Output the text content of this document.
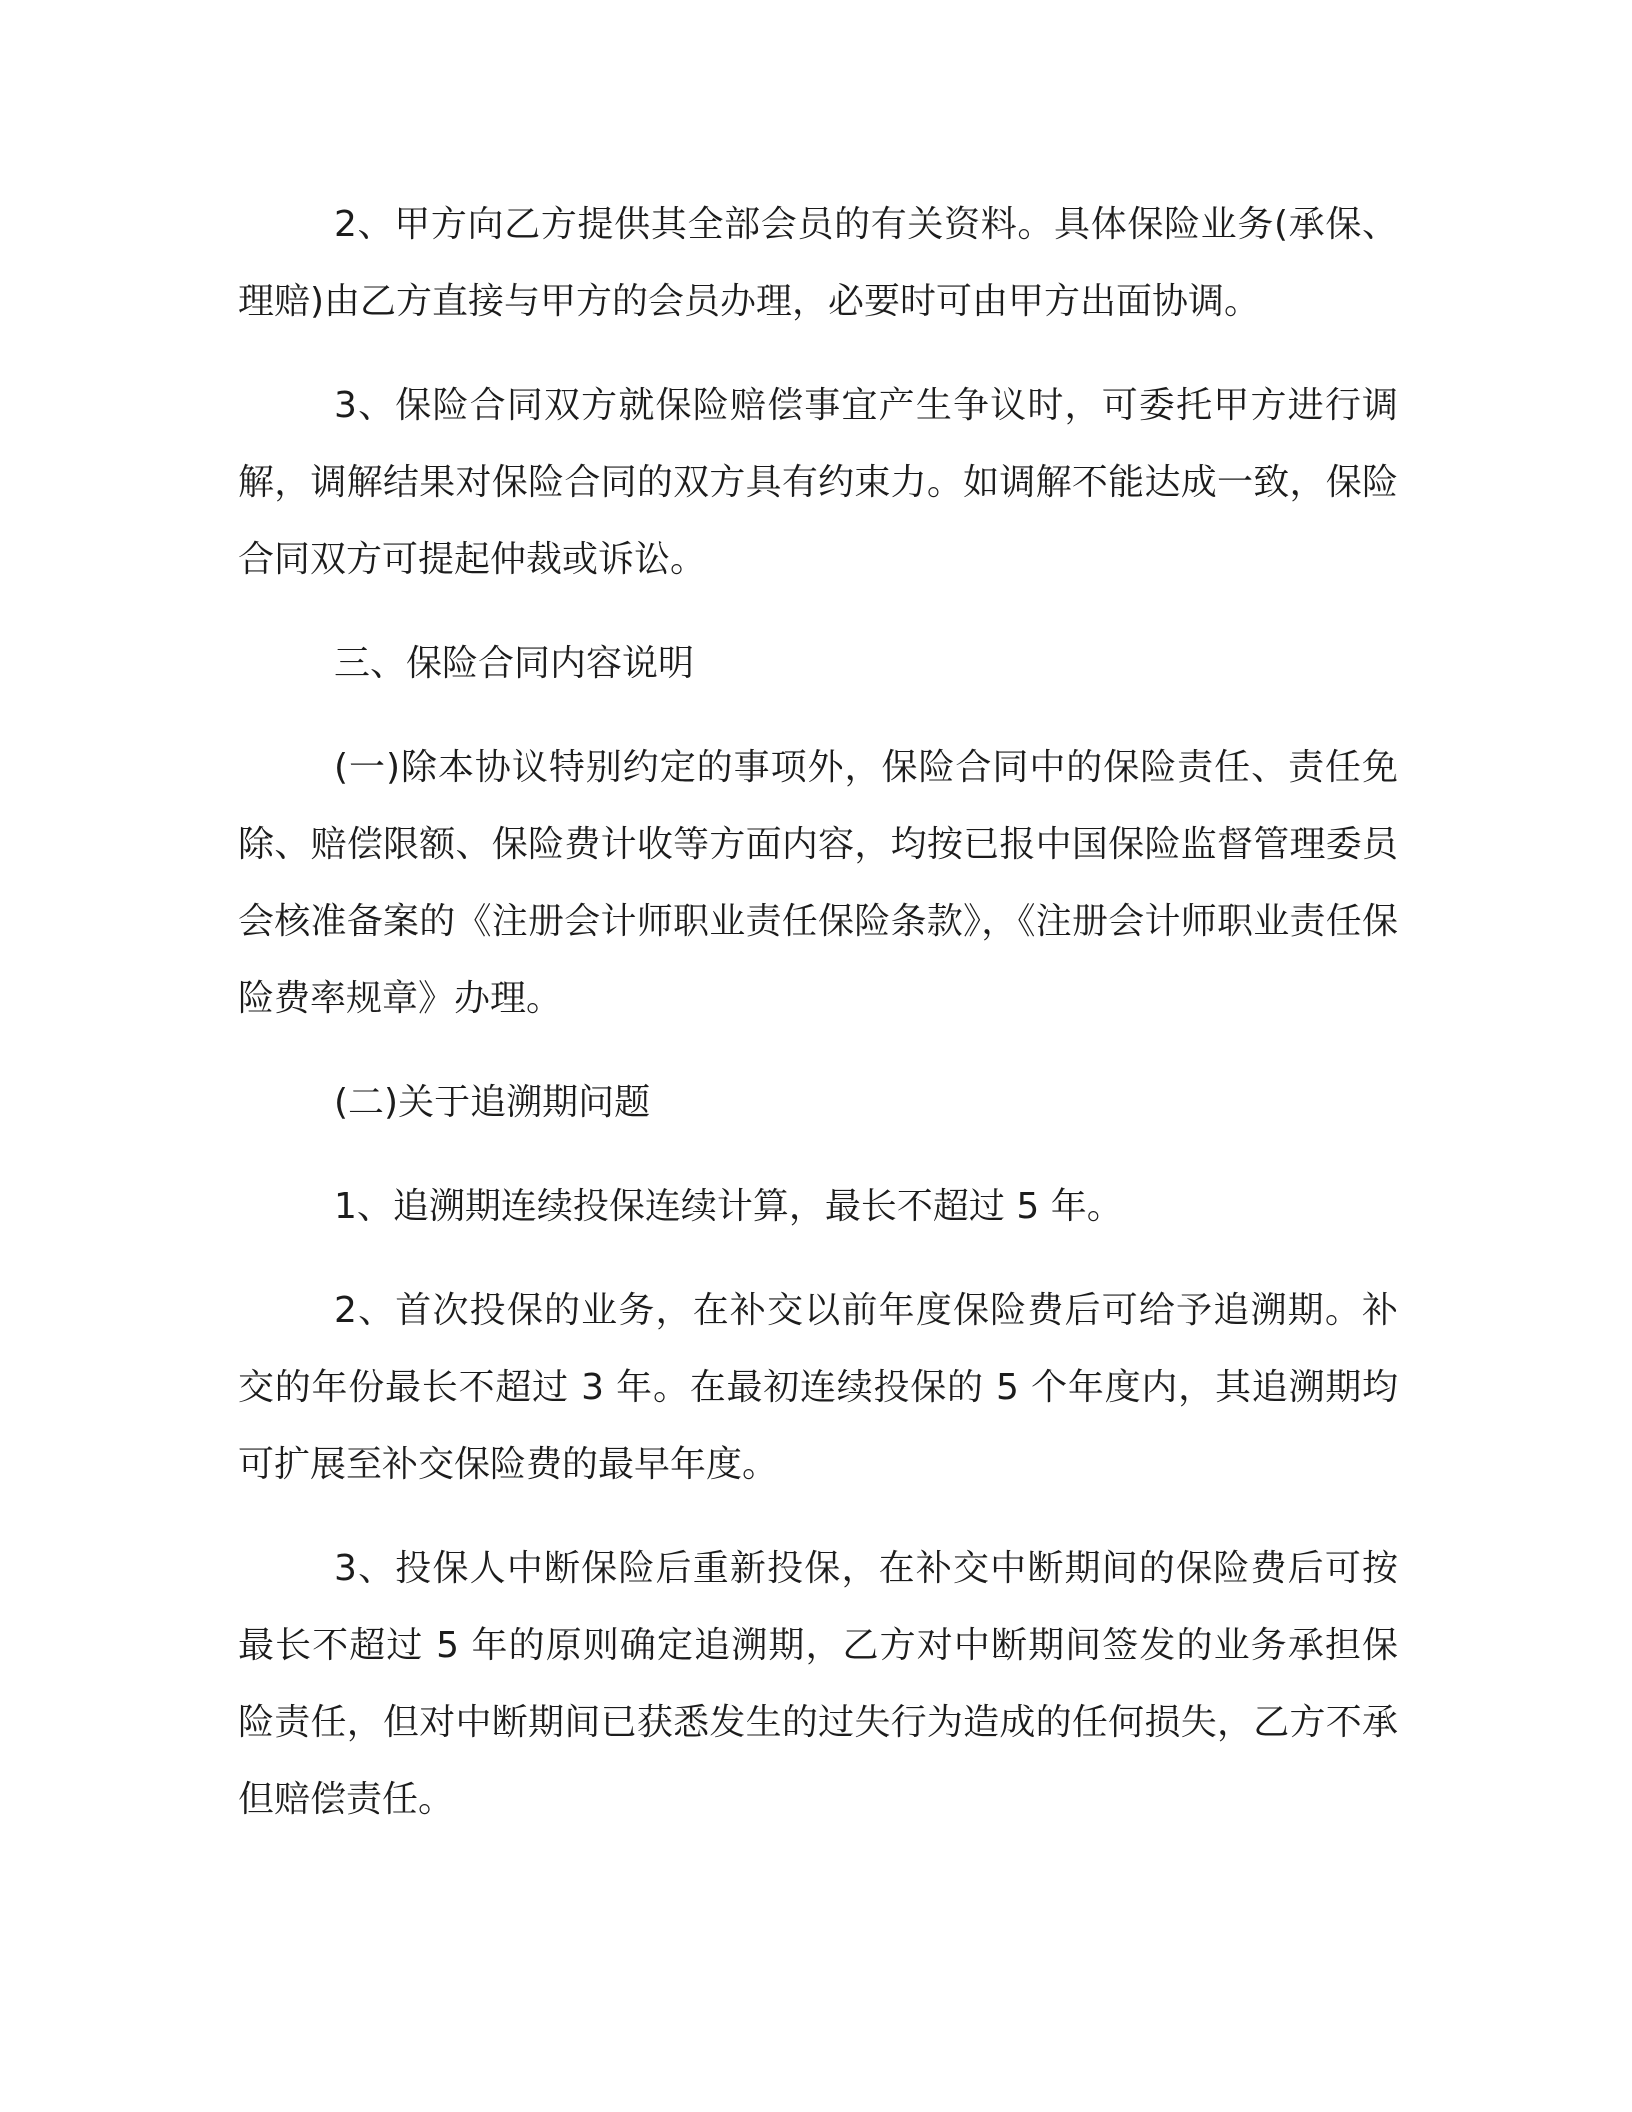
2、甲方向乙方提供其全部会员的有关资料。具体保险业务(承保、理赔)由乙方直接与甲方的会员办理，必要时可由甲方出面协调。

3、保险合同双方就保险赔偿事宜产生争议时，可委托甲方进行调解，调解结果对保险合同的双方具有约束力。如调解不能达成一致，保险合同双方可提起仲裁或诉讼。

三、保险合同内容说明

(一)除本协议特别约定的事项外，保险合同中的保险责任、责任免除、赔偿限额、保险费计收等方面内容，均按已报中国保险监督管理委员会核准备案的《注册会计师职业责任保险条款》，《注册会计师职业责任保险费率规章》办理。

(二)关于追溯期问题

1、追溯期连续投保连续计算，最长不超过 5 年。

2、首次投保的业务，在补交以前年度保险费后可给予追溯期。补交的年份最长不超过 3 年。在最初连续投保的 5 个年度内，其追溯期均可扩展至补交保险费的最早年度。

3、投保人中断保险后重新投保，在补交中断期间的保险费后可按最长不超过 5 年的原则确定追溯期，乙方对中断期间签发的业务承担保险责任，但对中断期间已获悉发生的过失行为造成的任何损失，乙方不承但赔偿责任。
